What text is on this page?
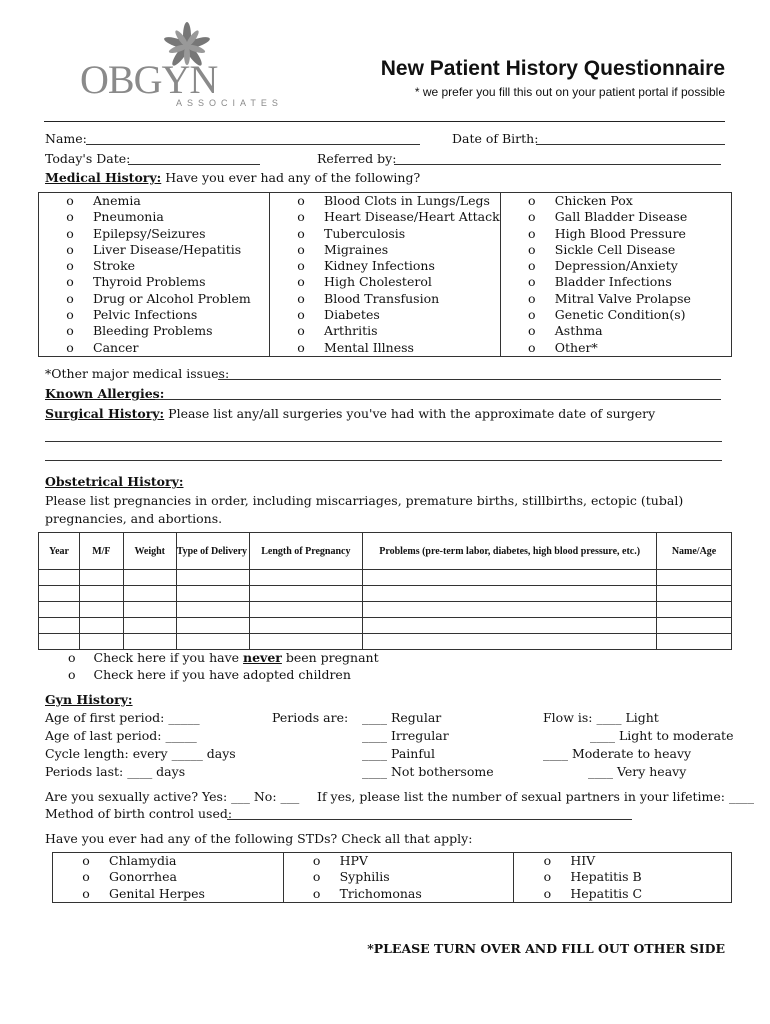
OBGYN
ASSOCIATES
New Patient History Questionnaire
* we prefer you fill this out on your patient portal if possible
Name:	Date of Birth:
Today's Date:	Referred by:
Medical History: Have you ever had any of the following?
o	Anemia
o	Pneumonia
o	Epilepsy/Seizures
o	Liver Disease/Hepatitis
o	Stroke
o	Thyroid Problems
o	Drug or Alcohol Problem
o	Pelvic Infections
o	Bleeding Problems
o	Cancer

o	Blood Clots in Lungs/Legs
o	Heart Disease/Heart Attack
o	Tuberculosis
o	Migraines
o	Kidney Infections
o	High Cholesterol
o	Blood Transfusion
o	Diabetes
o	Arthritis
o	Mental Illness

o	Chicken Pox
o	Gall Bladder Disease
o	High Blood Pressure
o	Sickle Cell Disease
o	Depression/Anxiety
o	Bladder Infections
o	Mitral Valve Prolapse
o	Genetic Condition(s)
o	Asthma
o	Other*
*Other major medical issues:
Known Allergies:
Surgical History: Please list any/all surgeries you've had with the approximate date of surgery
Obstetrical History:
Please list pregnancies in order, including miscarriages, premature births, stillbirths, ectopic (tubal) pregnancies, and abortions.
Year	M/F	Weight	Type of Delivery	Length of Pregnancy	Problems (pre-term labor, diabetes, high blood pressure, etc.)	Name/Age

o Check here if you have never been pregnant
o Check here if you have adopted children
Gyn History:
Age of first period: _____
Age of last period: _____
Cycle length: every _____ days
Periods last: ____ days
Periods are: ____ Regular
____ Irregular
____ Painful
____ Not bothersome
Flow is: ____ Light
____ Light to moderate
____ Moderate to heavy
____ Very heavy
Are you sexually active? Yes: ___ No: ___ If yes, please list the number of sexual partners in your lifetime: ____
Method of birth control used:
Have you ever had any of the following STDs? Check all that apply:
o	Chlamydia
o	Gonorrhea
o	Genital Herpes

o	HPV
o	Syphilis
o	Trichomonas

o	HIV
o	Hepatitis B
o	Hepatitis C
*PLEASE TURN OVER AND FILL OUT OTHER SIDE
